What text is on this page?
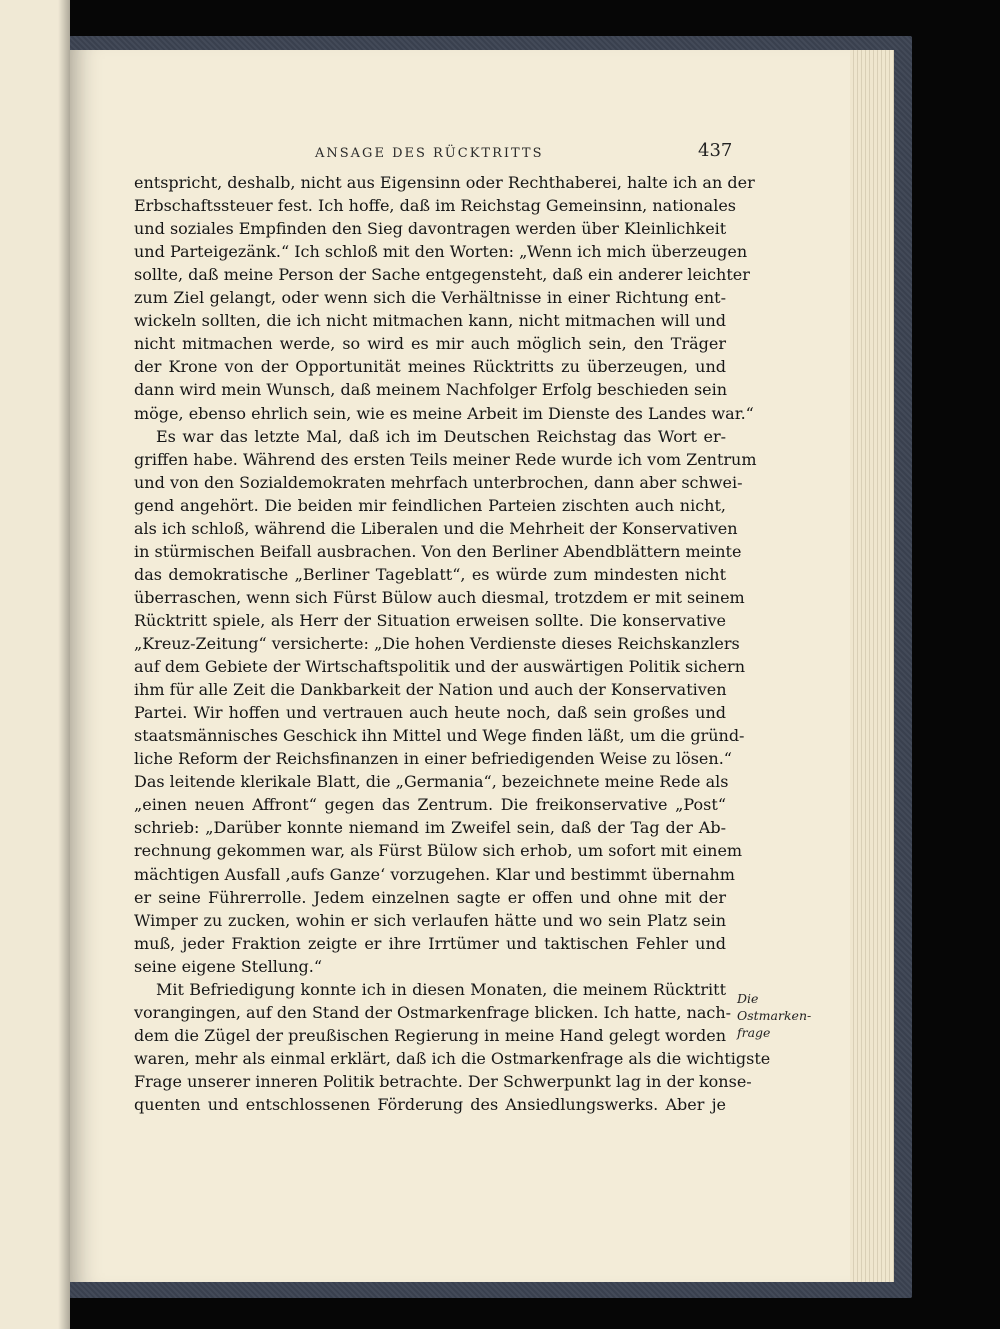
ANSAGE DES RÜCKTRITTS	437
entspricht, deshalb, nicht aus Eigensinn oder Rechthaberei, halte ich an der
Erbschaftssteuer fest. Ich hoffe, daß im Reichstag Gemeinsinn, nationales
und soziales Empfinden den Sieg davontragen werden über Kleinlichkeit
und Parteigezänk.“ Ich schloß mit den Worten: „Wenn ich mich überzeugen
sollte, daß meine Person der Sache entgegensteht, daß ein anderer leichter
zum Ziel gelangt, oder wenn sich die Verhältnisse in einer Richtung ent-
wickeln sollten, die ich nicht mitmachen kann, nicht mitmachen will und
nicht mitmachen werde, so wird es mir auch möglich sein, den Träger
der Krone von der Opportunität meines Rücktritts zu überzeugen, und
dann wird mein Wunsch, daß meinem Nachfolger Erfolg beschieden sein
möge, ebenso ehrlich sein, wie es meine Arbeit im Dienste des Landes war.“
Es war das letzte Mal, daß ich im Deutschen Reichstag das Wort er-
griffen habe. Während des ersten Teils meiner Rede wurde ich vom Zentrum
und von den Sozialdemokraten mehrfach unterbrochen, dann aber schwei-
gend angehört. Die beiden mir feindlichen Parteien zischten auch nicht,
als ich schloß, während die Liberalen und die Mehrheit der Konservativen
in stürmischen Beifall ausbrachen. Von den Berliner Abendblättern meinte
das demokratische „Berliner Tageblatt“, es würde zum mindesten nicht
überraschen, wenn sich Fürst Bülow auch diesmal, trotzdem er mit seinem
Rücktritt spiele, als Herr der Situation erweisen sollte. Die konservative
„Kreuz-Zeitung“ versicherte: „Die hohen Verdienste dieses Reichskanzlers
auf dem Gebiete der Wirtschaftspolitik und der auswärtigen Politik sichern
ihm für alle Zeit die Dankbarkeit der Nation und auch der Konservativen
Partei. Wir hoffen und vertrauen auch heute noch, daß sein großes und
staatsmännisches Geschick ihn Mittel und Wege finden läßt, um die gründ-
liche Reform der Reichsfinanzen in einer befriedigenden Weise zu lösen.“
Das leitende klerikale Blatt, die „Germania“, bezeichnete meine Rede als
„einen neuen Affront“ gegen das Zentrum. Die freikonservative „Post“
schrieb: „Darüber konnte niemand im Zweifel sein, daß der Tag der Ab-
rechnung gekommen war, als Fürst Bülow sich erhob, um sofort mit einem
mächtigen Ausfall ‚aufs Ganze‘ vorzugehen. Klar und bestimmt übernahm
er seine Führerrolle. Jedem einzelnen sagte er offen und ohne mit der
Wimper zu zucken, wohin er sich verlaufen hätte und wo sein Platz sein
muß, jeder Fraktion zeigte er ihre Irrtümer und taktischen Fehler und
seine eigene Stellung.“
Mit Befriedigung konnte ich in diesen Monaten, die meinem Rücktritt
vorangingen, auf den Stand der Ostmarkenfrage blicken. Ich hatte, nach-
dem die Zügel der preußischen Regierung in meine Hand gelegt worden
waren, mehr als einmal erklärt, daß ich die Ostmarkenfrage als die wichtigste
Frage unserer inneren Politik betrachte. Der Schwerpunkt lag in der konse-
quenten und entschlossenen Förderung des Ansiedlungswerks. Aber je
Die
Ostmarken-
frage
